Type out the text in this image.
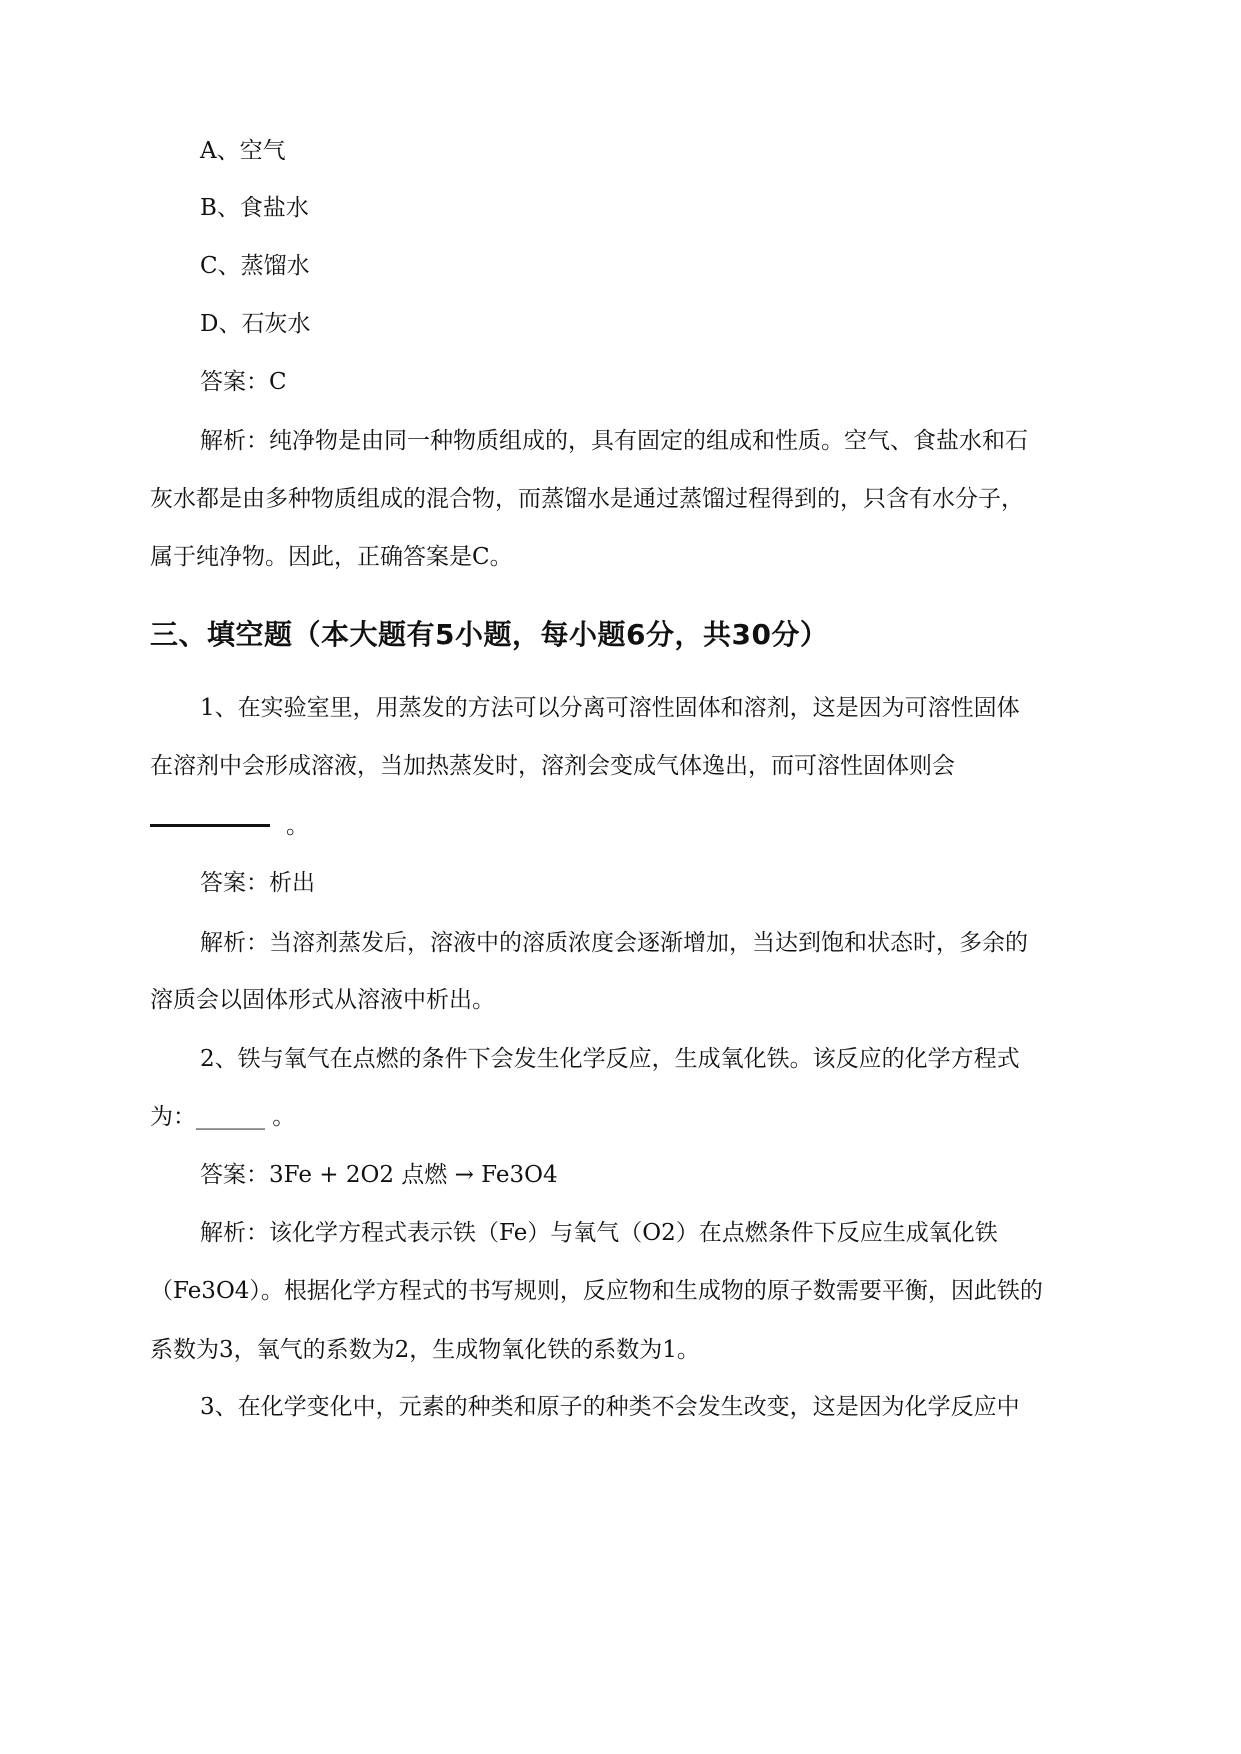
A、空气
B、食盐水
C、蒸馏水
D、石灰水
答案：C
解析：纯净物是由同一种物质组成的，具有固定的组成和性质。空气、食盐水和石
灰水都是由多种物质组成的混合物，而蒸馏水是通过蒸馏过程得到的，只含有水分子，
属于纯净物。因此，正确答案是C。
三、填空题（本大题有5小题，每小题6分，共30分）
1、在实验室里，用蒸发的方法可以分离可溶性固体和溶剂，这是因为可溶性固体
在溶剂中会形成溶液，当加热蒸发时，溶剂会变成气体逸出，而可溶性固体则会
。
答案：析出
解析：当溶剂蒸发后，溶液中的溶质浓度会逐渐增加，当达到饱和状态时，多余的
溶质会以固体形式从溶液中析出。
2、铁与氧气在点燃的条件下会发生化学反应，生成氧化铁。该反应的化学方程式
为：______ 。
答案：3Fe + 2O2 点燃 → Fe3O4
解析：该化学方程式表示铁（Fe）与氧气（O2）在点燃条件下反应生成氧化铁
（Fe3O4）。根据化学方程式的书写规则，反应物和生成物的原子数需要平衡，因此铁的
系数为3，氧气的系数为2，生成物氧化铁的系数为1。
3、在化学变化中，元素的种类和原子的种类不会发生改变，这是因为化学反应中
